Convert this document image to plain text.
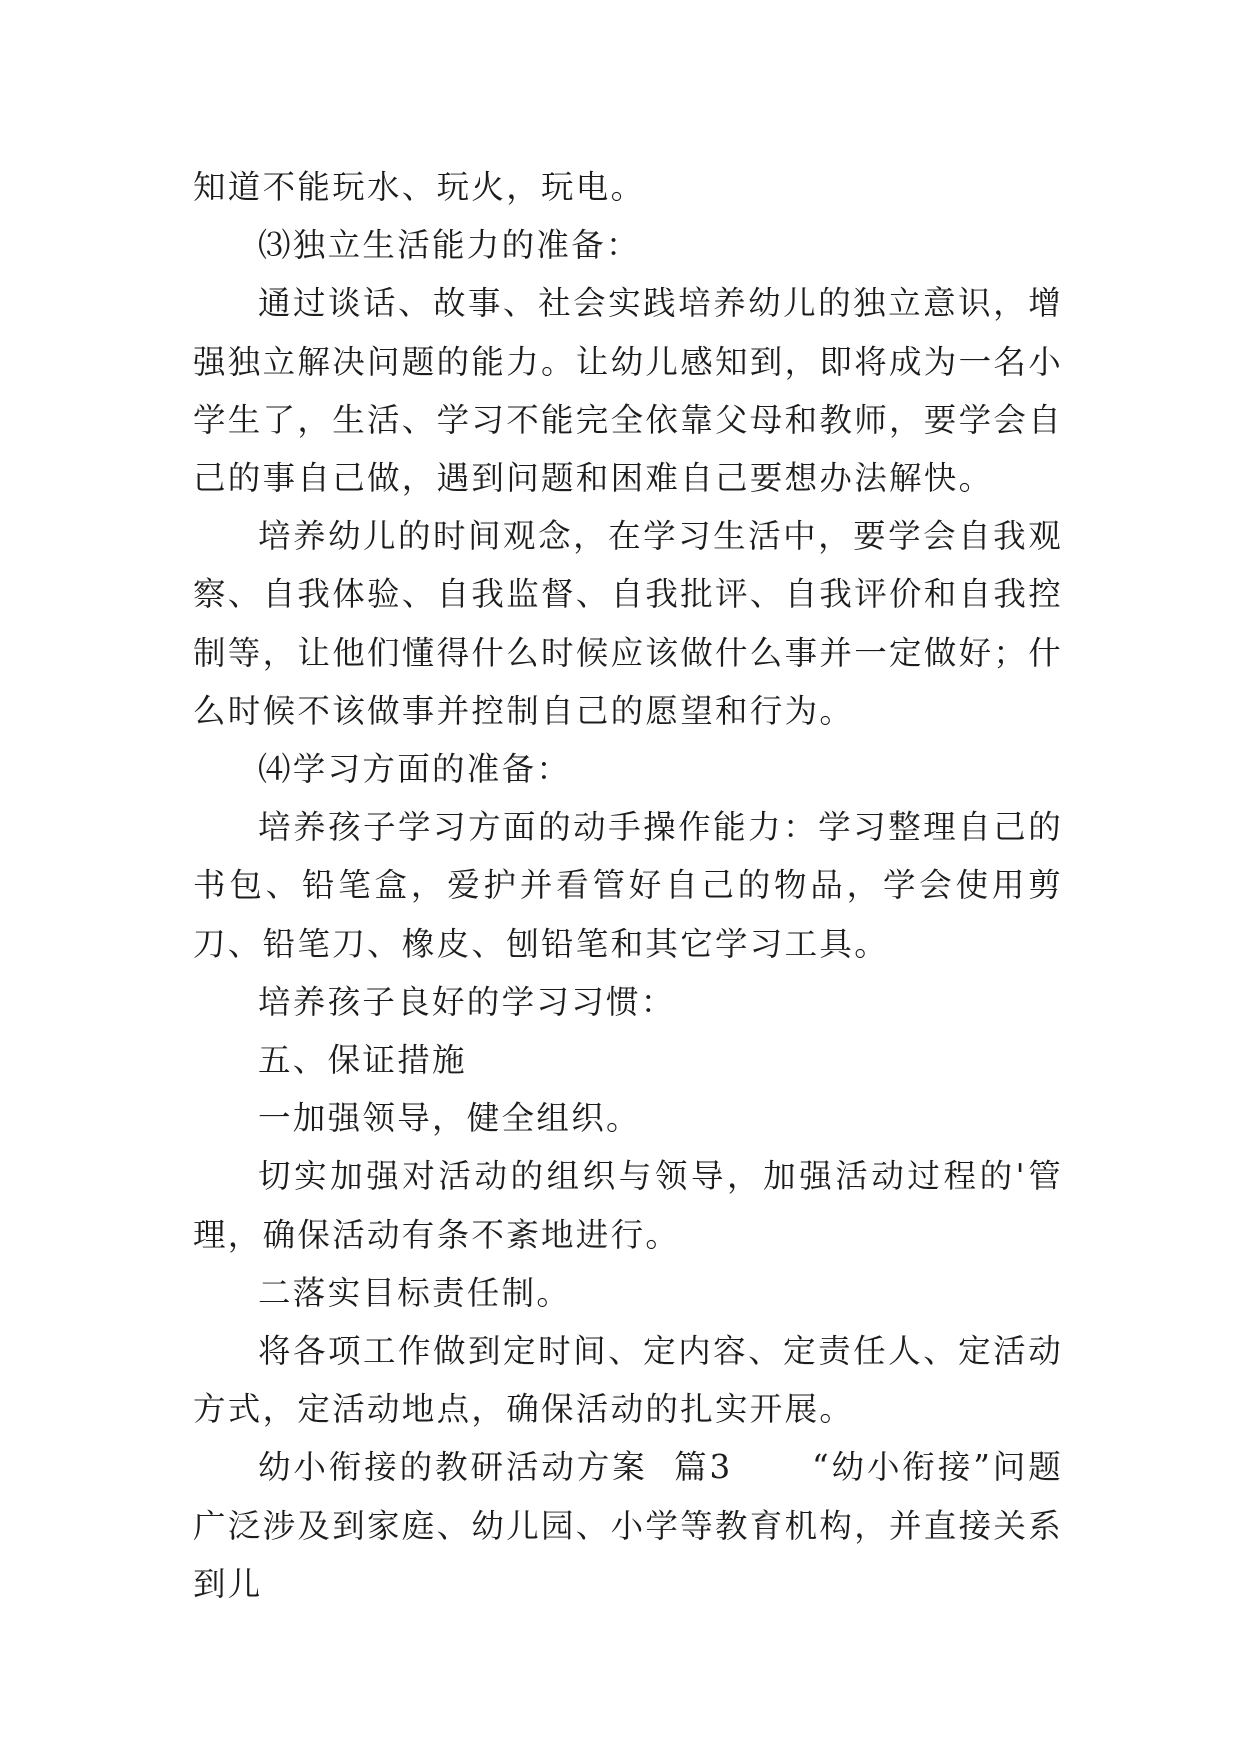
知道不能玩水、玩火，玩电。

⑶独立生活能力的准备：

通过谈话、故事、社会实践培养幼儿的独立意识，增强独立解决问题的能力。让幼儿感知到，即将成为一名小学生了，生活、学习不能完全依靠父母和教师，要学会自己的事自己做，遇到问题和困难自己要想办法解快。

培养幼儿的时间观念，在学习生活中，要学会自我观察、自我体验、自我监督、自我批评、自我评价和自我控制等，让他们懂得什么时候应该做什么事并一定做好；什么时候不该做事并控制自己的愿望和行为。

⑷学习方面的准备：

培养孩子学习方面的动手操作能力：学习整理自己的书包、铅笔盒，爱护并看管好自己的物品，学会使用剪刀、铅笔刀、橡皮、刨铅笔和其它学习工具。

培养孩子良好的学习习惯：

五、保证措施

一加强领导，健全组织。

切实加强对活动的组织与领导，加强活动过程的'管理，确保活动有条不紊地进行。

二落实目标责任制。

将各项工作做到定时间、定内容、定责任人、定活动方式，定活动地点，确保活动的扎实开展。

幼小衔接的教研活动方案  篇3      “幼小衔接”问题广泛涉及到家庭、幼儿园、小学等教育机构，并直接关系到儿
